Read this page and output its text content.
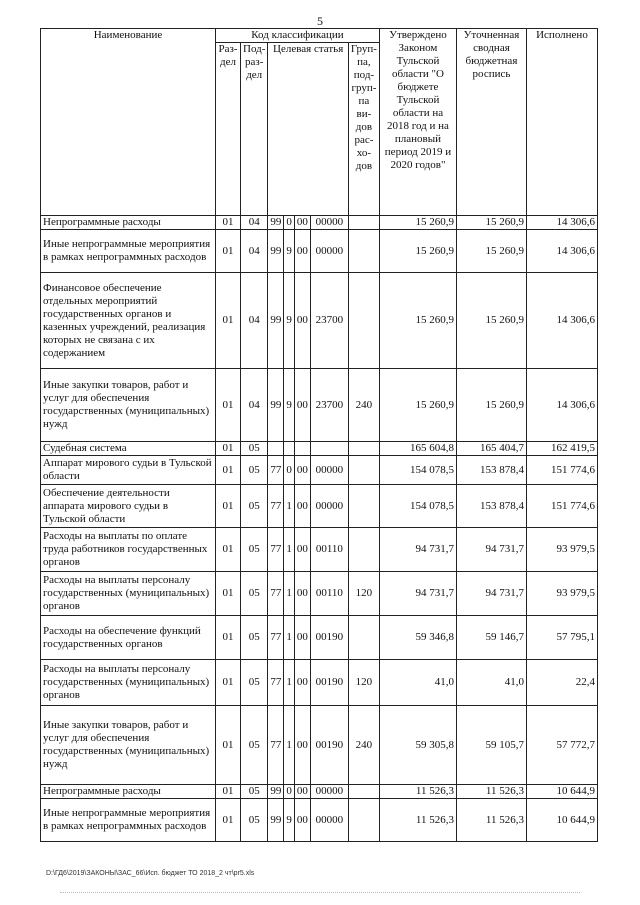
5
Наименование	Код классификации							Утверждено Законом Тульской области "О бюджете Тульской области на 2018 год и на плановый период 2019 и 2020 годов"	Уточненная сводная бюджетная роспись	Исполнено
	Раз-дел	Под-раз-дел	Целевая статья				Груп-па, под-груп-па ви-дов рас-хо-дов			
Непрограммные расходы	01	04	99	0	00	00000		15 260,9	15 260,9	14 306,6
Иные непрограммные мероприятия в рамках непрограммных расходов	01	04	99	9	00	00000		15 260,9	15 260,9	14 306,6
Финансовое обеспечение отдельных мероприятий государственных органов и казенных учреждений, реализация которых не связана с их содержанием	01	04	99	9	00	23700		15 260,9	15 260,9	14 306,6
Иные закупки товаров, работ и услуг для обеспечения государственных (муниципальных) нужд	01	04	99	9	00	23700	240	15 260,9	15 260,9	14 306,6
Судебная система	01	05						165 604,8	165 404,7	162 419,5
Аппарат мирового судьи в Тульской области	01	05	77	0	00	00000		154 078,5	153 878,4	151 774,6
Обеспечение деятельности аппарата мирового судьи в Тульской области	01	05	77	1	00	00000		154 078,5	153 878,4	151 774,6
Расходы на выплаты по оплате труда работников государственных органов	01	05	77	1	00	00110		94 731,7	94 731,7	93 979,5
Расходы на выплаты персоналу государственных (муниципальных) органов	01	05	77	1	00	00110	120	94 731,7	94 731,7	93 979,5
Расходы на обеспечение функций государственных органов	01	05	77	1	00	00190		59 346,8	59 146,7	57 795,1
Расходы на выплаты персоналу государственных (муниципальных) органов	01	05	77	1	00	00190	120	41,0	41,0	22,4
Иные закупки товаров, работ и услуг для обеспечения государственных (муниципальных) нужд	01	05	77	1	00	00190	240	59 305,8	59 105,7	57 772,7
Непрограммные расходы	01	05	99	0	00	00000		11 526,3	11 526,3	10 644,9
Иные непрограммные мероприятия в рамках непрограммных расходов	01	05	99	9	00	00000		11 526,3	11 526,3	10 644,9
D:\ГД6\2019\ЗАКОНЫ\ЗАС_66\Исп. бюджет ТО 2018_2 чт\pr5.xls
